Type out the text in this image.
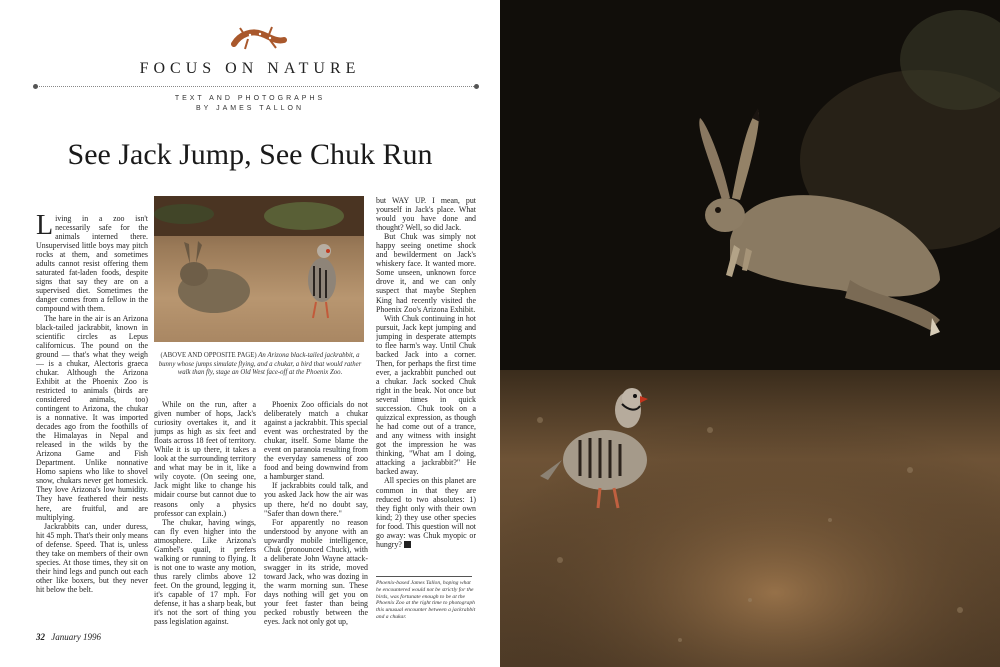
FOCUS ON NATURE
TEXT AND PHOTOGRAPHS
BY JAMES TALLON
See Jack Jump, See Chuk Run
(ABOVE AND OPPOSITE PAGE) An Arizona black-tailed jackrabbit, a bunny whose jumps simulate flying, and a chukar, a bird that would rather walk than fly, stage an Old West face-off at the Phoenix Zoo.

Living in a zoo isn't necessarily safe for the animals interned there. Unsupervised little boys may pitch rocks at them, and sometimes adults cannot resist offering them saturated fat-laden foods, despite signs that say they are on a supervised diet. Sometimes the danger comes from a fellow in the compound with them.

The hare in the air is an Arizona black-tailed jackrabbit, known in scientific circles as Lepus californicus. The pound on the ground — that's what they weigh — is a chukar, Alectoris graeca chukar. Although the Arizona Exhibit at the Phoenix Zoo is restricted to animals (birds are considered animals, too) contingent to Arizona, the chukar is a nonnative. It was imported decades ago from the foothills of the Himalayas in Nepal and released in the wilds by the Arizona Game and Fish Department. Unlike nonnative Homo sapiens who like to shovel snow, chukars never get homesick. They love Arizona's low humidity. They have feathered their nests here, are fruitful, and are multiplying.

Jackrabbits can, under duress, hit 45 mph. That's their only means of defense. Speed. That is, unless they take on members of their own species. At those times, they sit on their hind legs and punch out each other like boxers, but they never hit below the belt.

While on the run, after a given number of hops, Jack's curiosity overtakes it, and it jumps as high as six feet and floats across 18 feet of territory. While it is up there, it takes a look at the surrounding territory and what may be in it, like a wily coyote. (On seeing one, Jack might like to change his midair course but cannot due to reasons only a physics professor can explain.)

The chukar, having wings, can fly even higher into the atmosphere. Like Arizona's Gambel's quail, it prefers walking or running to flying. It is not one to waste any motion, thus rarely climbs above 12 feet. On the ground, legging it, it's capable of 17 mph. For defense, it has a sharp beak, but it's not the sort of thing you pass legislation against.

Phoenix Zoo officials do not deliberately match a chukar against a jackrabbit. This special event was orchestrated by the chukar, itself. Some blame the event on paranoia resulting from the everyday sameness of zoo food and being downwind from a hamburger stand.

If jackrabbits could talk, and you asked Jack how the air was up there, he'd no doubt say, "Safer than down there."

For apparently no reason understood by anyone with an upwardly mobile intelligence, Chuk (pronounced Chuck), with a deliberate John Wayne attack-swagger in its stride, moved toward Jack, who was dozing in the warm morning sun. These days nothing will get you on your feet faster than being pecked robustly between the eyes. Jack not only got up,

but WAY UP. I mean, put yourself in Jack's place. What would you have done and thought? Well, so did Jack.

But Chuk was simply not happy seeing onetime shock and bewilderment on Jack's whiskery face. It wanted more. Some unseen, unknown force drove it, and we can only suspect that maybe Stephen King had recently visited the Phoenix Zoo's Arizona Exhibit.

With Chuk continuing in hot pursuit, Jack kept jumping and jumping in desperate attempts to flee harm's way. Until Chuk backed Jack into a corner. Then, for perhaps the first time ever, a jackrabbit punched out a chukar. Jack socked Chuk right in the beak. Not once but several times in quick succession. Chuk took on a quizzical expression, as though he had come out of a trance, and any witness with insight got the impression he was thinking, "What am I doing, attacking a jackrabbit?" He backed away.

All species on this planet are common in that they are reduced to two absolutes: 1) they fight only with their own kind; 2) they use other species for food. This question will not go away: was Chuk myopic or hungry? ▣

Phoenix-based James Tallon, hoping what he encountered would not be strictly for the birds, was fortunate enough to be at the Phoenix Zoo at the right time to photograph this unusual encounter between a jackrabbit and a chukar.
32 January 1996
